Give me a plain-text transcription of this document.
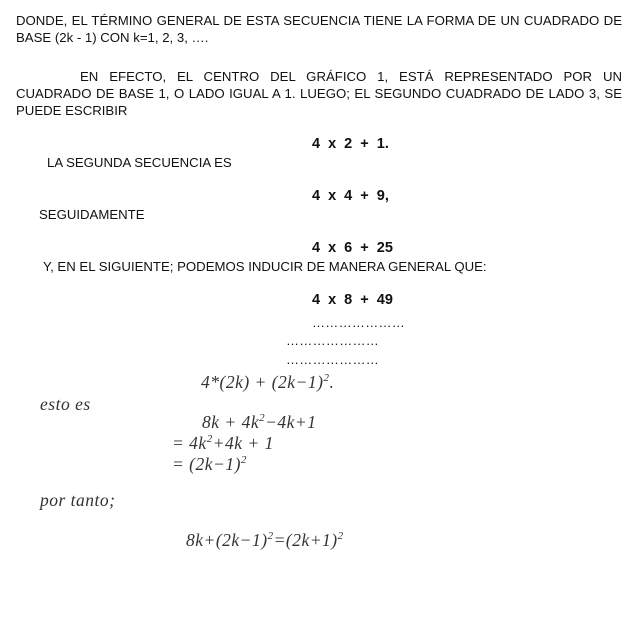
DONDE, EL TÉRMINO GENERAL DE ESTA SECUENCIA TIENE LA FORMA DE UN CUADRADO DE BASE (2k - 1) CON k=1, 2, 3, ….
EN EFECTO, EL CENTRO DEL GRÁFICO 1, ESTÁ REPRESENTADO POR UN CUADRADO DE BASE 1, O LADO IGUAL A 1. LUEGO; EL SEGUNDO CUADRADO DE LADO 3, SE PUEDE ESCRIBIR
4 x 2 + 1.
LA SEGUNDA SECUENCIA ES
4 x 4 + 9,
SEGUIDAMENTE
4 x 6 + 25
Y, EN EL SIGUIENTE; PODEMOS INDUCIR DE MANERA GENERAL QUE:
4 x 8 + 49
…………………
…………………
…………………
$4*(2k) + (2k-1)^2$.
esto es
$8k + 4k^2-4k+1$
= $4k^2+4k + 1$
= $(2k-1)^2$
por tanto;
$8k+(2k-1)^2=(2k+1)^2$
